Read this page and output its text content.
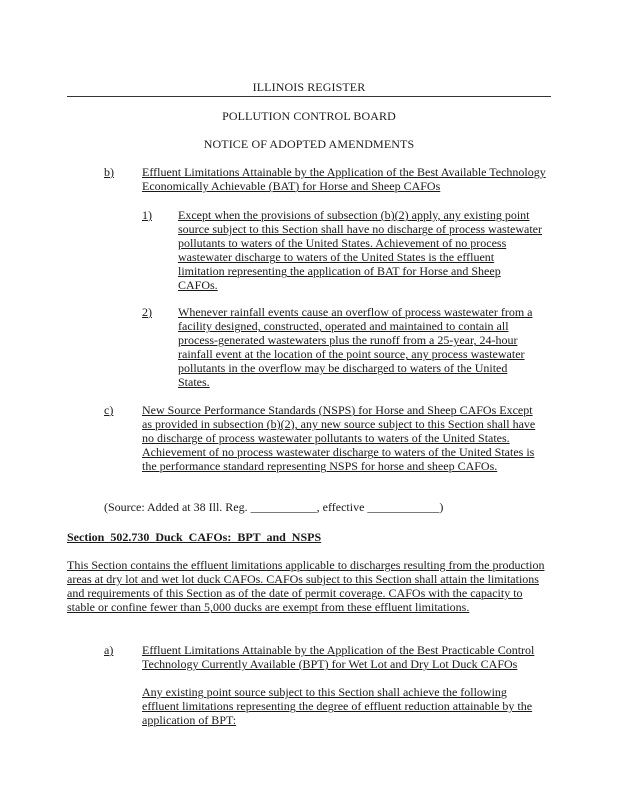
ILLINOIS REGISTER
POLLUTION CONTROL BOARD
NOTICE OF ADOPTED AMENDMENTS
b) Effluent Limitations Attainable by the Application of the Best Available Technology Economically Achievable (BAT) for Horse and Sheep CAFOs
1) Except when the provisions of subsection (b)(2) apply, any existing point source subject to this Section shall have no discharge of process wastewater pollutants to waters of the United States. Achievement of no process wastewater discharge to waters of the United States is the effluent limitation representing the application of BAT for Horse and Sheep CAFOs.
2) Whenever rainfall events cause an overflow of process wastewater from a facility designed, constructed, operated and maintained to contain all process-generated wastewaters plus the runoff from a 25-year, 24-hour rainfall event at the location of the point source, any process wastewater pollutants in the overflow may be discharged to waters of the United States.
c) New Source Performance Standards (NSPS) for Horse and Sheep CAFOs Except as provided in subsection (b)(2), any new source subject to this Section shall have no discharge of process wastewater pollutants to waters of the United States. Achievement of no process wastewater discharge to waters of the United States is the performance standard representing NSPS for horse and sheep CAFOs.
(Source: Added at 38 Ill. Reg. ___________, effective ____________)
Section 502.730 Duck CAFOs: BPT and NSPS
This Section contains the effluent limitations applicable to discharges resulting from the production areas at dry lot and wet lot duck CAFOs. CAFOs subject to this Section shall attain the limitations and requirements of this Section as of the date of permit coverage. CAFOs with the capacity to stable or confine fewer than 5,000 ducks are exempt from these effluent limitations.
a) Effluent Limitations Attainable by the Application of the Best Practicable Control Technology Currently Available (BPT) for Wet Lot and Dry Lot Duck CAFOs
Any existing point source subject to this Section shall achieve the following effluent limitations representing the degree of effluent reduction attainable by the application of BPT:
